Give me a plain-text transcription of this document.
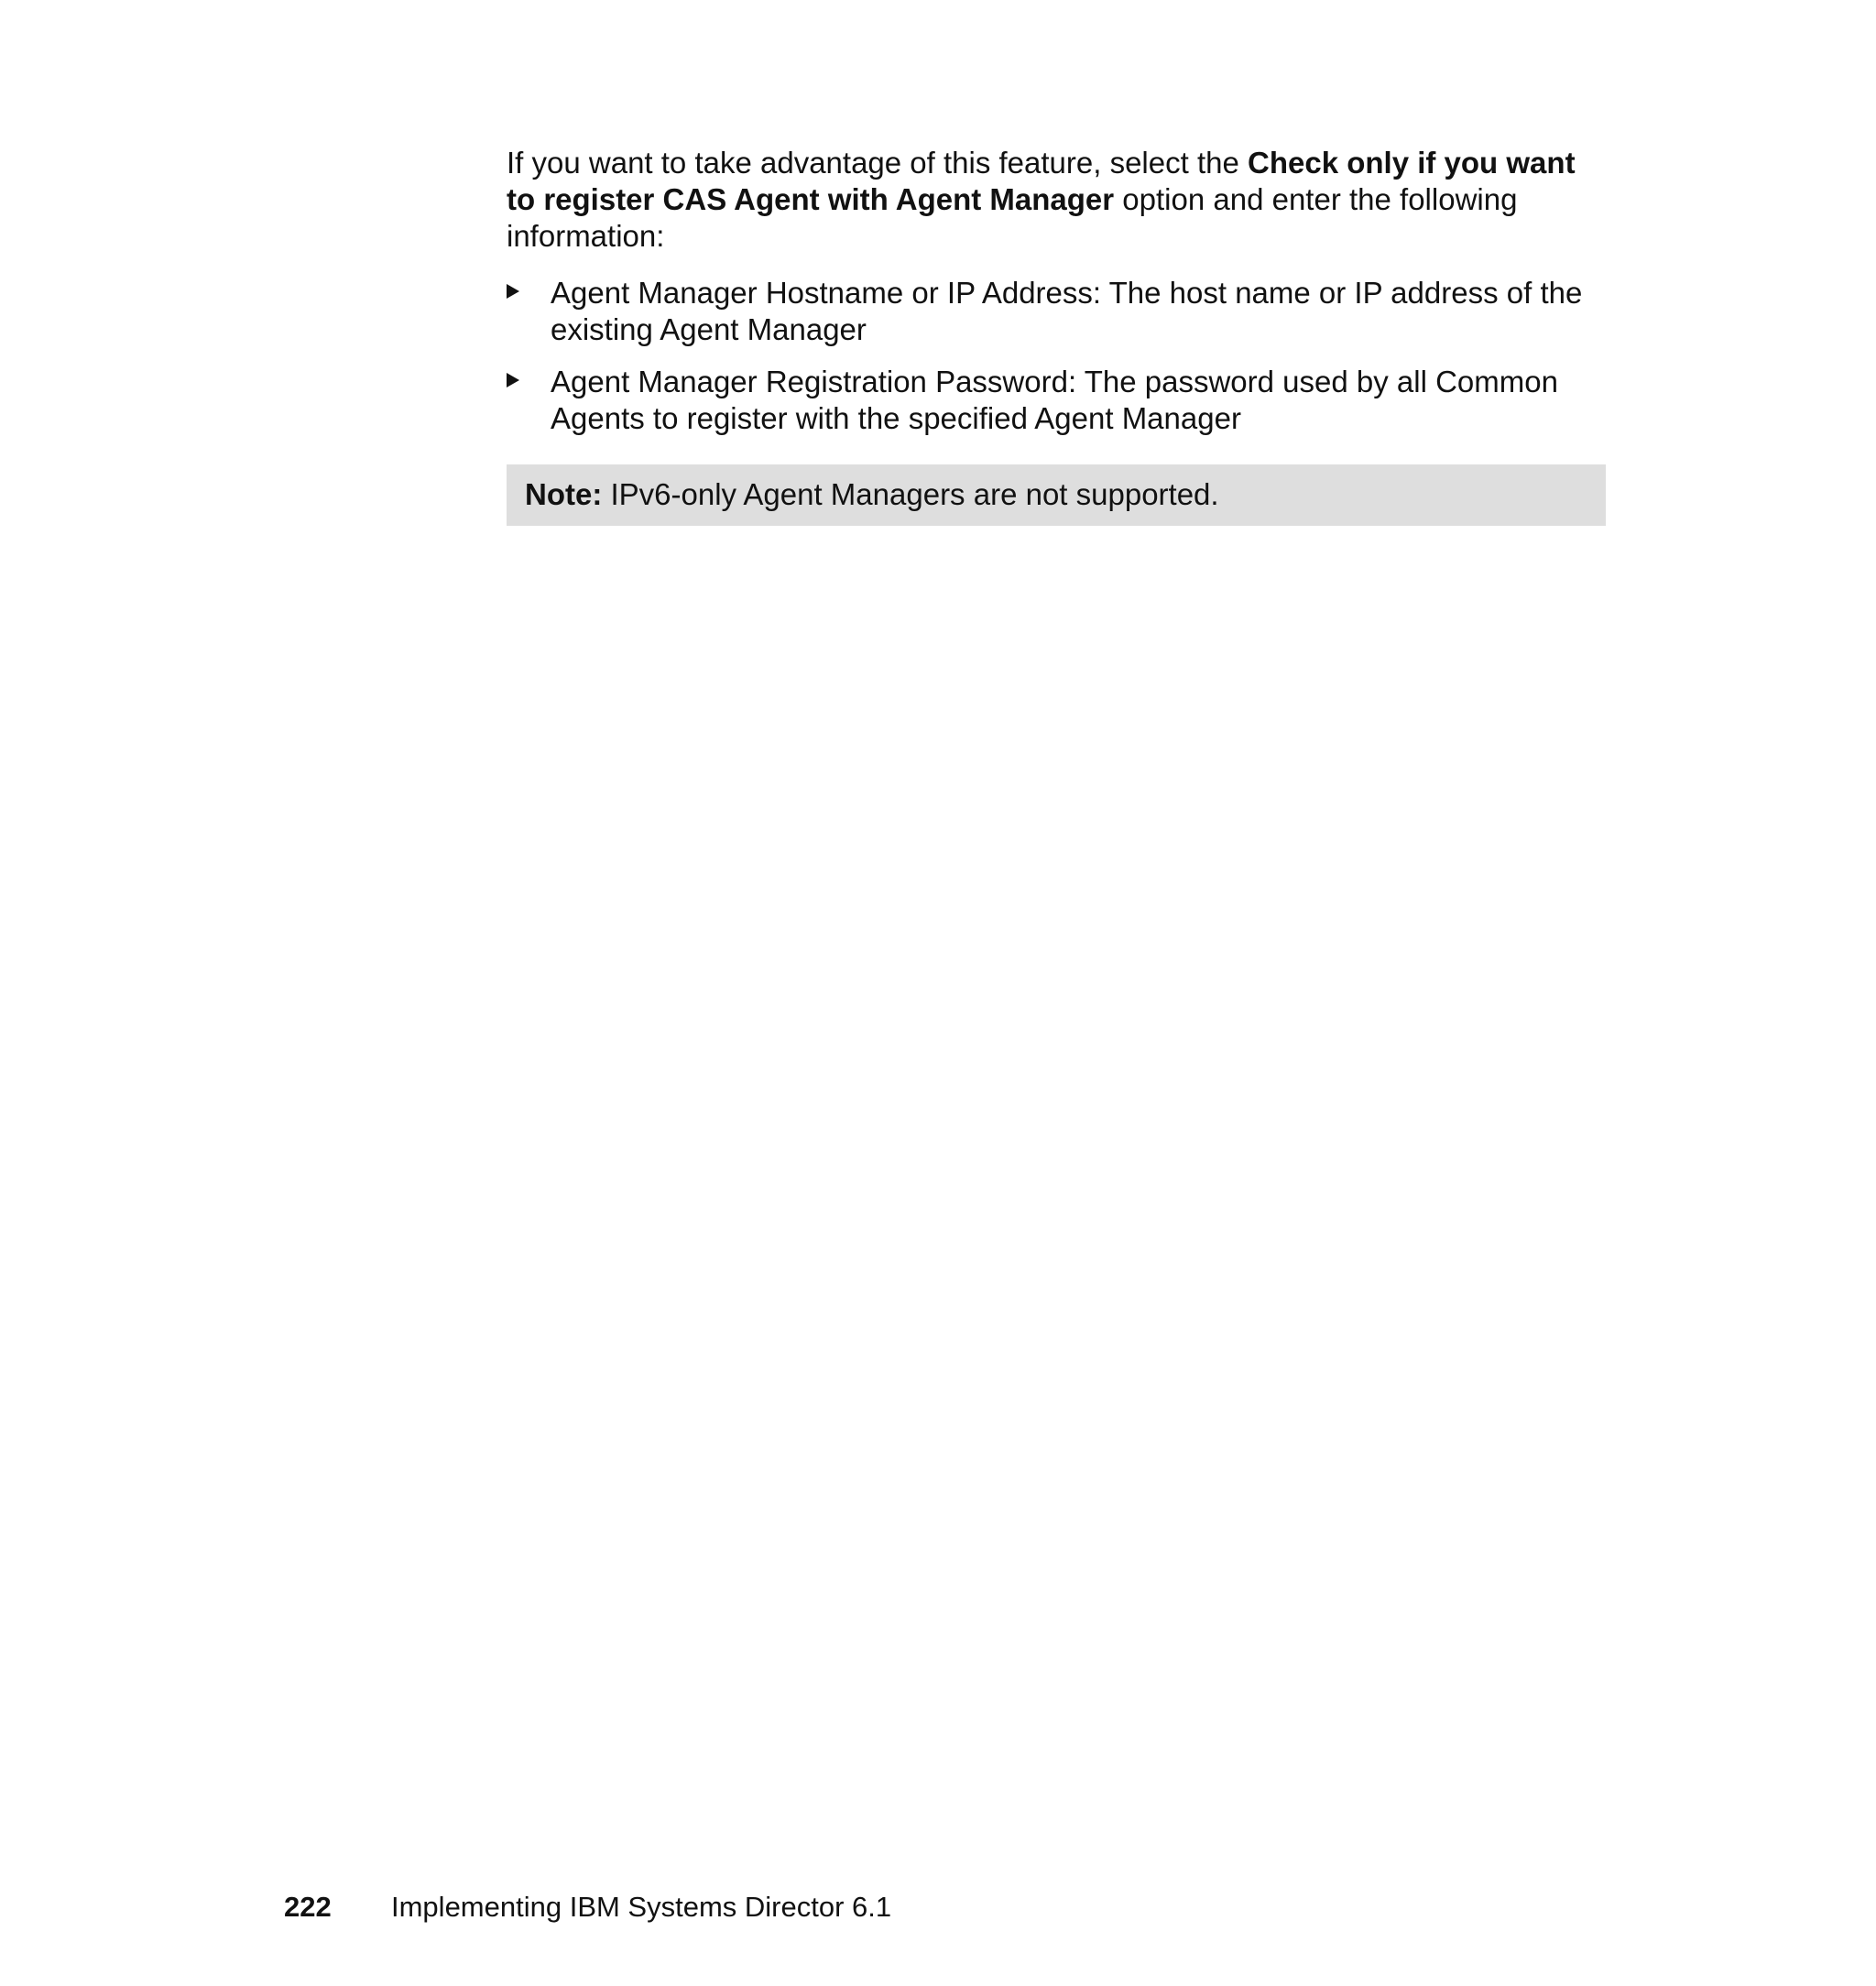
If you want to take advantage of this feature, select the Check only if you want to register CAS Agent with Agent Manager option and enter the following information:

Agent Manager Hostname or IP Address: The host name or IP address of the existing Agent Manager
Agent Manager Registration Password: The password used by all Common Agents to register with the specified Agent Manager
Note: IPv6-only Agent Managers are not supported.
222 Implementing IBM Systems Director 6.1
